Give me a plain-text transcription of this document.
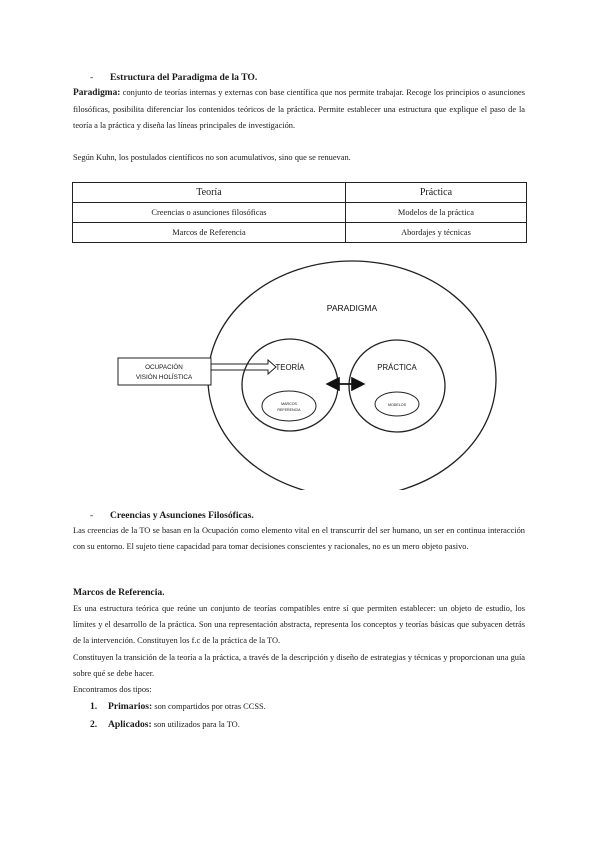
- Estructura del Paradigma de la TO.
Paradigma: conjunto de teorías internas y externas con base científica que nos permite trabajar. Recoge los principios o asunciones filosóficas, posibilita diferenciar los contenidos teóricos de la práctica. Permite establecer una estructura que explique el paso de la teoría a la práctica y diseña las líneas principales de investigación.
Según Kuhn, los postulados científicos no son acumulativos, sino que se renuevan.
Teoría	Práctica
Creencias o asunciones filosóficas	Modelos de la práctica
Marcos de Referencia	Abordajes y técnicas
PARADIGMA
OCUPACIÓN
VISIÓN HOLÍSTICA
TEORÍA
MARCOS
REFERENCIA
PRÁCTICA
MODELOS
- Creencias y Asunciones Filosóficas.
Las creencias de la TO se basan en la Ocupación como elemento vital en el transcurrir del ser humano, un ser en continua interacción con su entorno. El sujeto tiene capacidad para tomar decisiones conscientes y racionales, no es un mero objeto pasivo.
Marcos de Referencia.
Es una estructura teórica que reúne un conjunto de teorías compatibles entre sí que permiten establecer: un objeto de estudio, los límites y el desarrollo de la práctica. Son una representación abstracta, representa los conceptos y teorías básicas que subyacen detrás de la intervención. Constituyen los f.c de la práctica de la TO.
Constituyen la transición de la teoría a la práctica, a través de la descripción y diseño de estrategias y técnicas y proporcionan una guía sobre qué se debe hacer.
Encontramos dos tipos:
1. Primarios: son compartidos por otras CCSS.
2. Aplicados: son utilizados para la TO.
